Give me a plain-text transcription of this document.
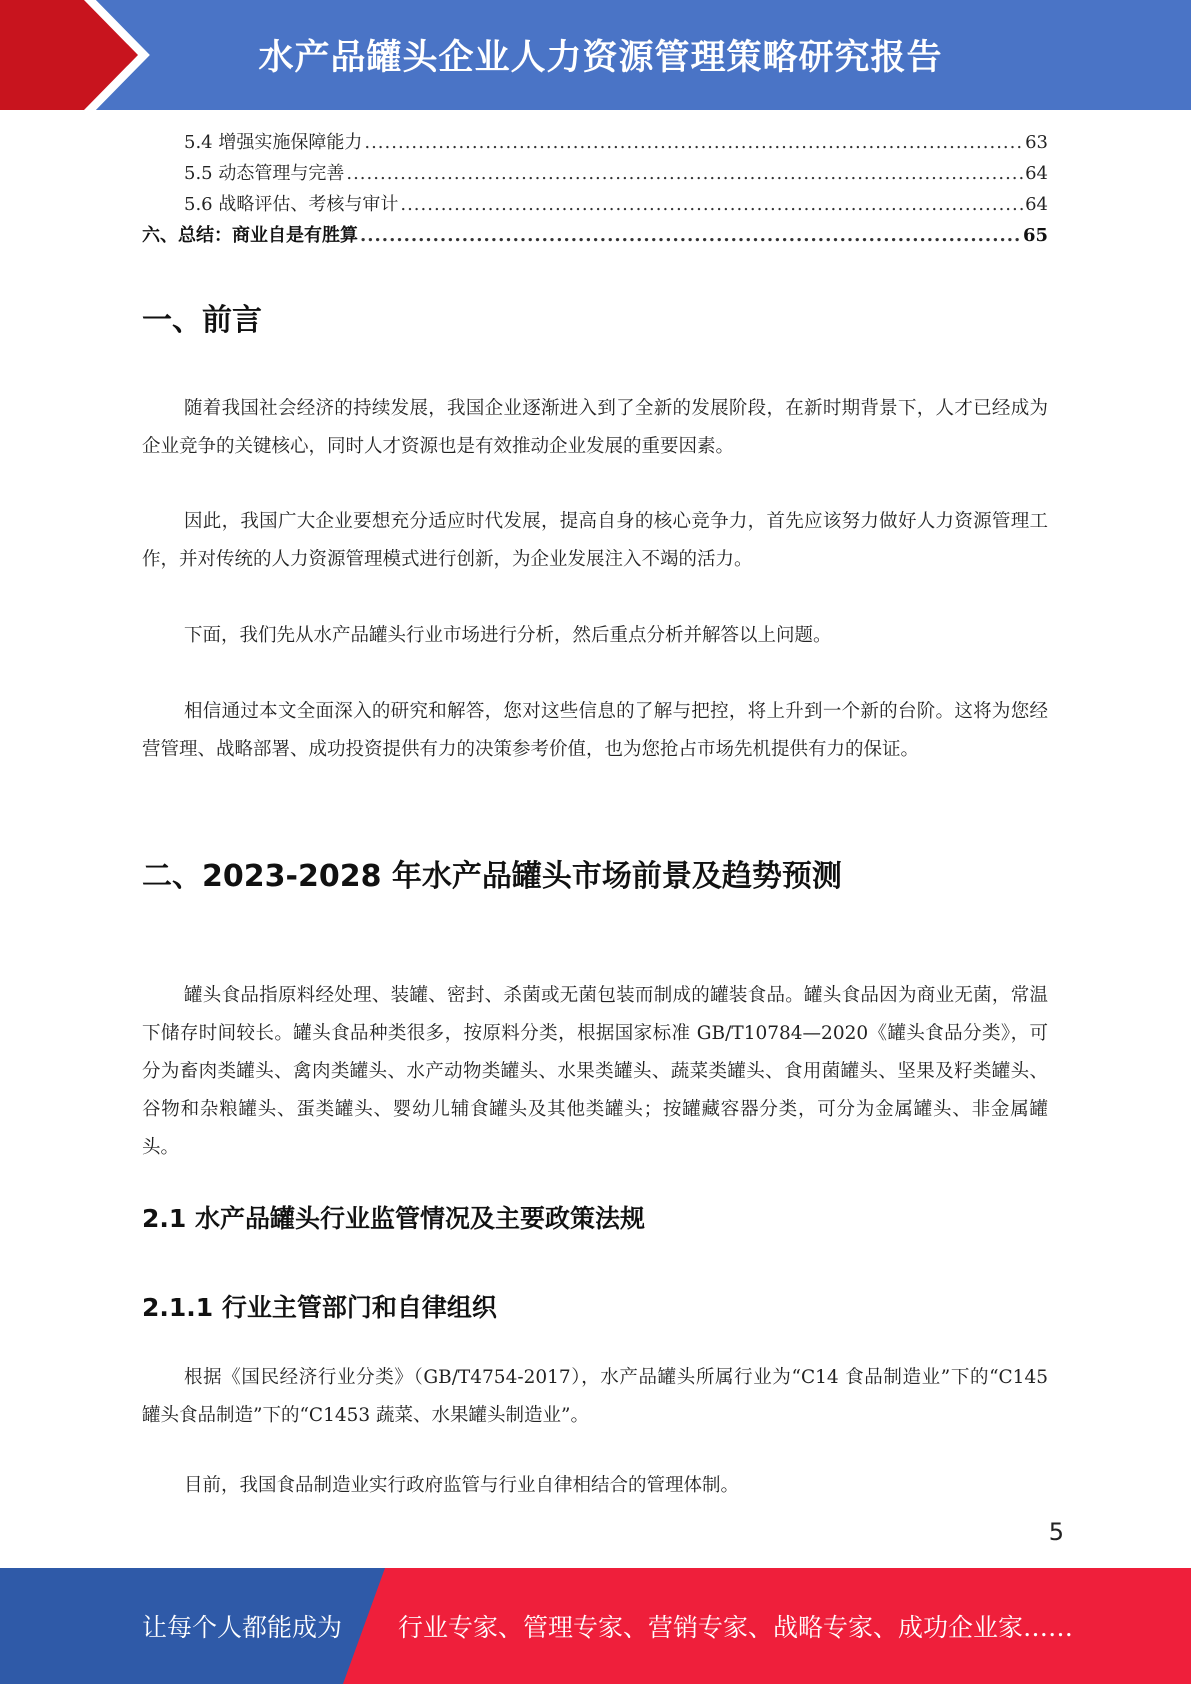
水产品罐头企业人力资源管理策略研究报告
5.4 增强实施保障能力 .....	63
5.5 动态管理与完善 .....	64
5.6 战略评估、考核与审计 .....	64
六、总结：商业自是有胜算 .....	65
一、前言

随着我国社会经济的持续发展，我国企业逐渐进入到了全新的发展阶段，在新时期背景下，人才已经成为企业竞争的关键核心，同时人才资源也是有效推动企业发展的重要因素。

因此，我国广大企业要想充分适应时代发展，提高自身的核心竞争力，首先应该努力做好人力资源管理工作，并对传统的人力资源管理模式进行创新，为企业发展注入不竭的活力。

下面，我们先从水产品罐头行业市场进行分析，然后重点分析并解答以上问题。

相信通过本文全面深入的研究和解答，您对这些信息的了解与把控，将上升到一个新的台阶。这将为您经营管理、战略部署、成功投资提供有力的决策参考价值，也为您抢占市场先机提供有力的保证。

二、2023-2028 年水产品罐头市场前景及趋势预测

罐头食品指原料经处理、装罐、密封、杀菌或无菌包装而制成的罐装食品。罐头食品因为商业无菌，常温下储存时间较长。罐头食品种类很多，按原料分类，根据国家标准 GB/T10784—2020《罐头食品分类》，可分为畜肉类罐头、禽肉类罐头、水产动物类罐头、水果类罐头、蔬菜类罐头、食用菌罐头、坚果及籽类罐头、谷物和杂粮罐头、蛋类罐头、婴幼儿辅食罐头及其他类罐头；按罐藏容器分类，可分为金属罐头、非金属罐头。

2.1 水产品罐头行业监管情况及主要政策法规
2.1.1 行业主管部门和自律组织

根据《国民经济行业分类》（GB/T4754-2017），水产品罐头所属行业为“C14 食品制造业”下的“C145 罐头食品制造”下的“C1453 蔬菜、水果罐头制造业”。

目前，我国食品制造业实行政府监管与行业自律相结合的管理体制。

5
让每个人都能成为 行业专家、管理专家、营销专家、战略专家、成功企业家……
